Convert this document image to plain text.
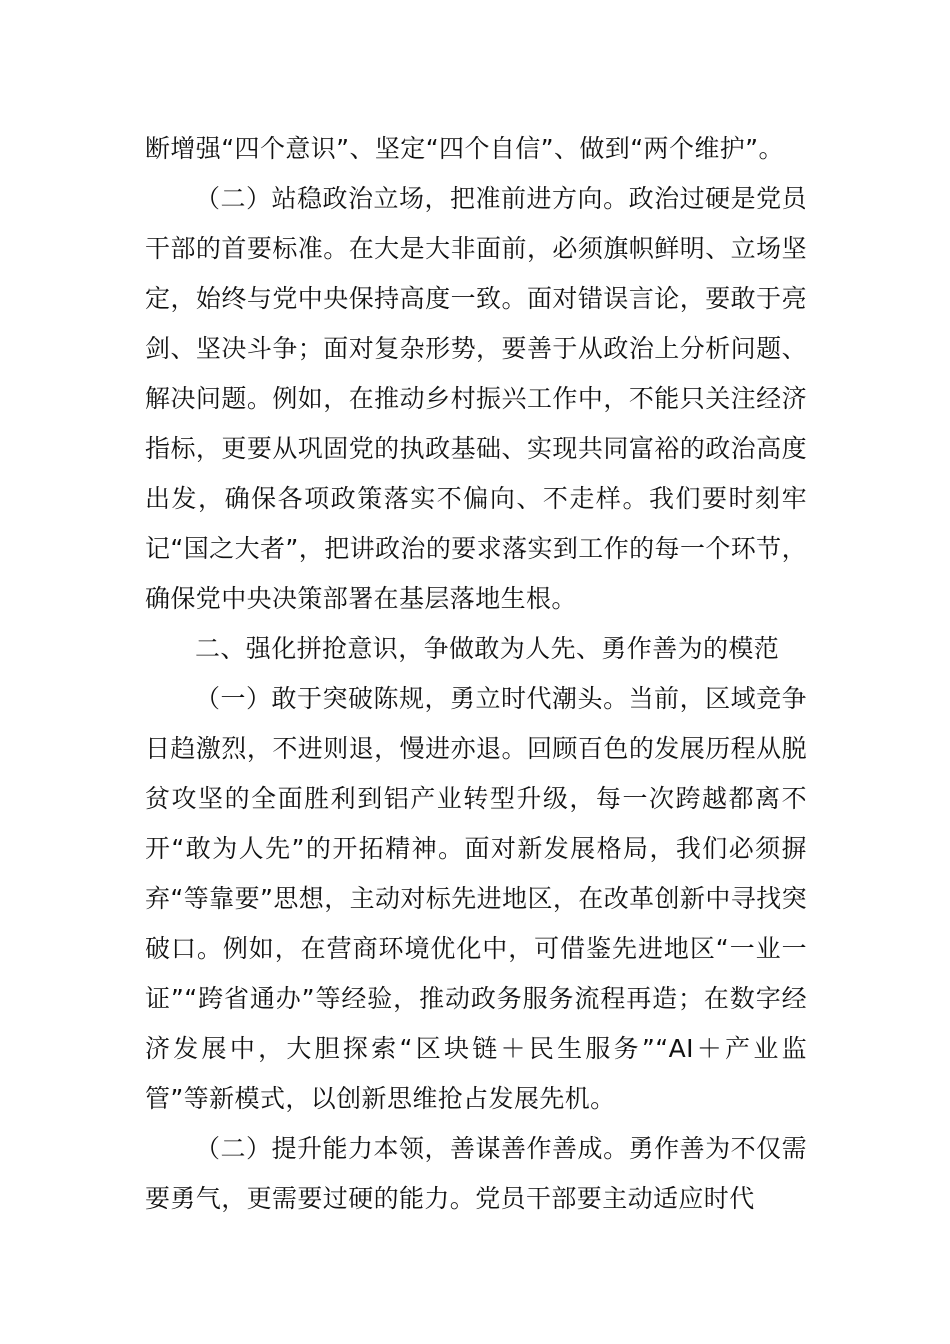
断增强“四个意识”、坚定“四个自信”、做到“两个维护”。

（二）站稳政治立场，把准前进方向。政治过硬是党员干部的首要标准。在大是大非面前，必须旗帜鲜明、立场坚定，始终与党中央保持高度一致。面对错误言论，要敢于亮剑、坚决斗争；面对复杂形势，要善于从政治上分析问题、解决问题。例如，在推动乡村振兴工作中，不能只关注经济指标，更要从巩固党的执政基础、实现共同富裕的政治高度出发，确保各项政策落实不偏向、不走样。我们要时刻牢记“国之大者”，把讲政治的要求落实到工作的每一个环节，确保党中央决策部署在基层落地生根。

二、强化拼抢意识，争做敢为人先、勇作善为的模范

（一）敢于突破陈规，勇立时代潮头。当前，区域竞争日趋激烈，不进则退，慢进亦退。回顾百色的发展历程从脱贫攻坚的全面胜利到铝产业转型升级，每一次跨越都离不开“敢为人先”的开拓精神。面对新发展格局，我们必须摒弃“等靠要”思想，主动对标先进地区，在改革创新中寻找突破口。例如，在营商环境优化中，可借鉴先进地区“一业一证”“跨省通办”等经验，推动政务服务流程再造；在数字经济发展中，大胆探索“区块链＋民生服务”“AI＋产业监管”等新模式，以创新思维抢占发展先机。

（二）提升能力本领，善谋善作善成。勇作善为不仅需要勇气，更需要过硬的能力。党员干部要主动适应时代
